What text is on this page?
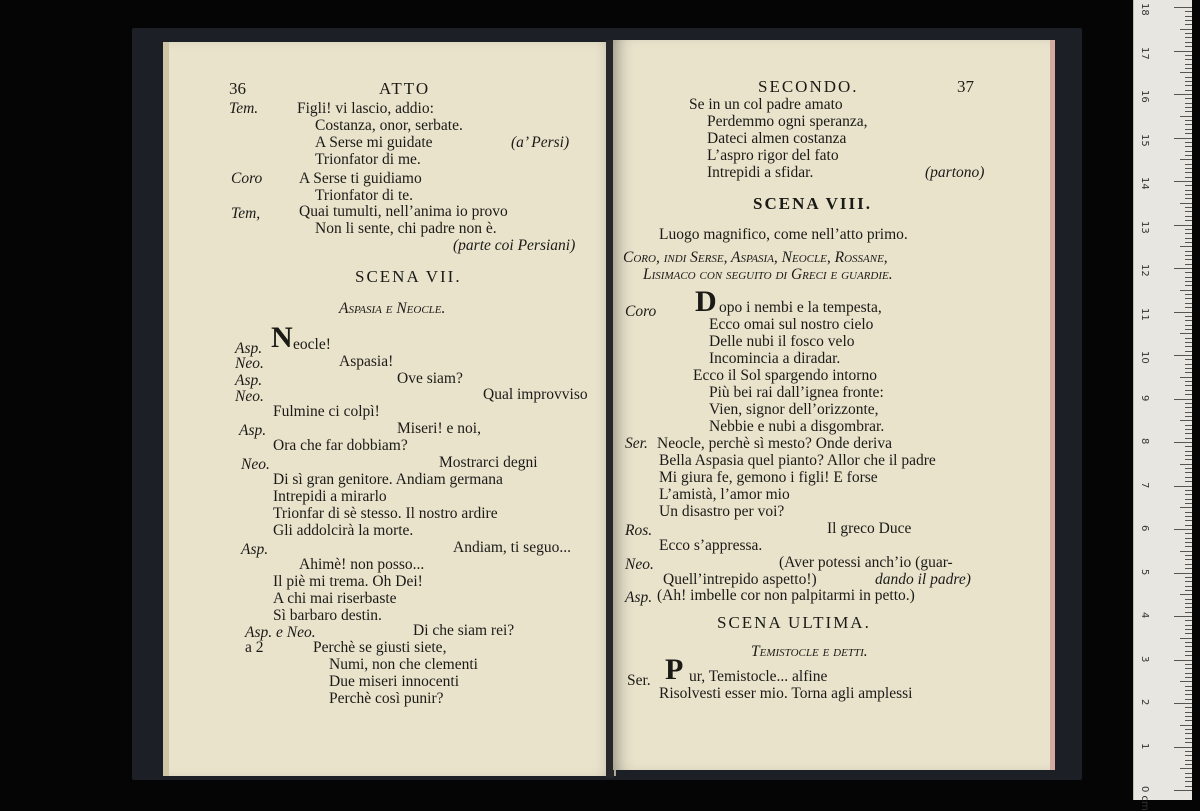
36	ATTO
Tem.	Figli! vi lascio, addio:
Costanza, onor, serbate.
A Serse mi guidate	(a’ Persi)
Trionfator di me.
Coro A Serse ti guidiamo
Trionfator di te.
Tem,	Quai tumulti, nell’anima io provo
Non li sente, chi padre non è.
(parte coi Persiani)
SCENA VII.
Aspasia e Neocle.
Asp. N eocle!
Neo.	Aspasia!
Asp.	Ove siam?
Neo.	Qual improvviso
Fulmine ci colpì!
Asp.	Miseri! e noi,
Ora che far dobbiam?
Neo.	Mostrarci degni
Di sì gran genitore. Andiam germana
Intrepidi a mirarlo
Trionfar di sè stesso. Il nostro ardire
Gli addolcirà la morte.
Asp.	Andiam, ti seguo...
Ahimè! non posso...
Il piè mi trema. Oh Dei!
A chi mai riserbaste
Sì barbaro destin.
Asp. e Neo.	Di che siam rei?
a 2	Perchè se giusti siete,
Numi, non che clementi
Due miseri innocenti
Perchè così punir?
SECONDO.	37
Se in un col padre amato
Perdemmo ogni speranza,
Dateci almen costanza
L’aspro rigor del fato
Intrepidi a sfidar.	(partono)
SCENA VIII.
Luogo magnifico, come nell’atto primo.
Coro, indi Serse, Aspasia, Neocle, Rossane,
Lisimaco con seguito di Greci e guardie.
Coro D opo i nembi e la tempesta,
Ecco omai sul nostro cielo
Delle nubi il fosco velo
Incomincia a diradar.
Ecco il Sol spargendo intorno
Più bei rai dall’ignea fronte:
Vien, signor dell’orizzonte,
Nebbie e nubi a disgombrar.
Ser. Neocle, perchè sì mesto? Onde deriva
Bella Aspasia quel pianto? Allor che il padre
Mi giura fe, gemono i figli! E forse
L’amistà, l’amor mio
Un disastro per voi?
Ros.	Il greco Duce
Ecco s’appressa.
Neo.	(Aver potessi anch’io (guar-
Quell’intrepido aspetto!)	dando il padre)
Asp. (Ah! imbelle cor non palpitarmi in petto.)
SCENA ULTIMA.
Temistocle e detti.
Ser. P ur, Temistocle... alfine
Risolvesti esser mio. Torna agli amplessi
0 cm
1
2
3
4
5
6
7
8
9
10
11
12
13
14
15
16
17
18
